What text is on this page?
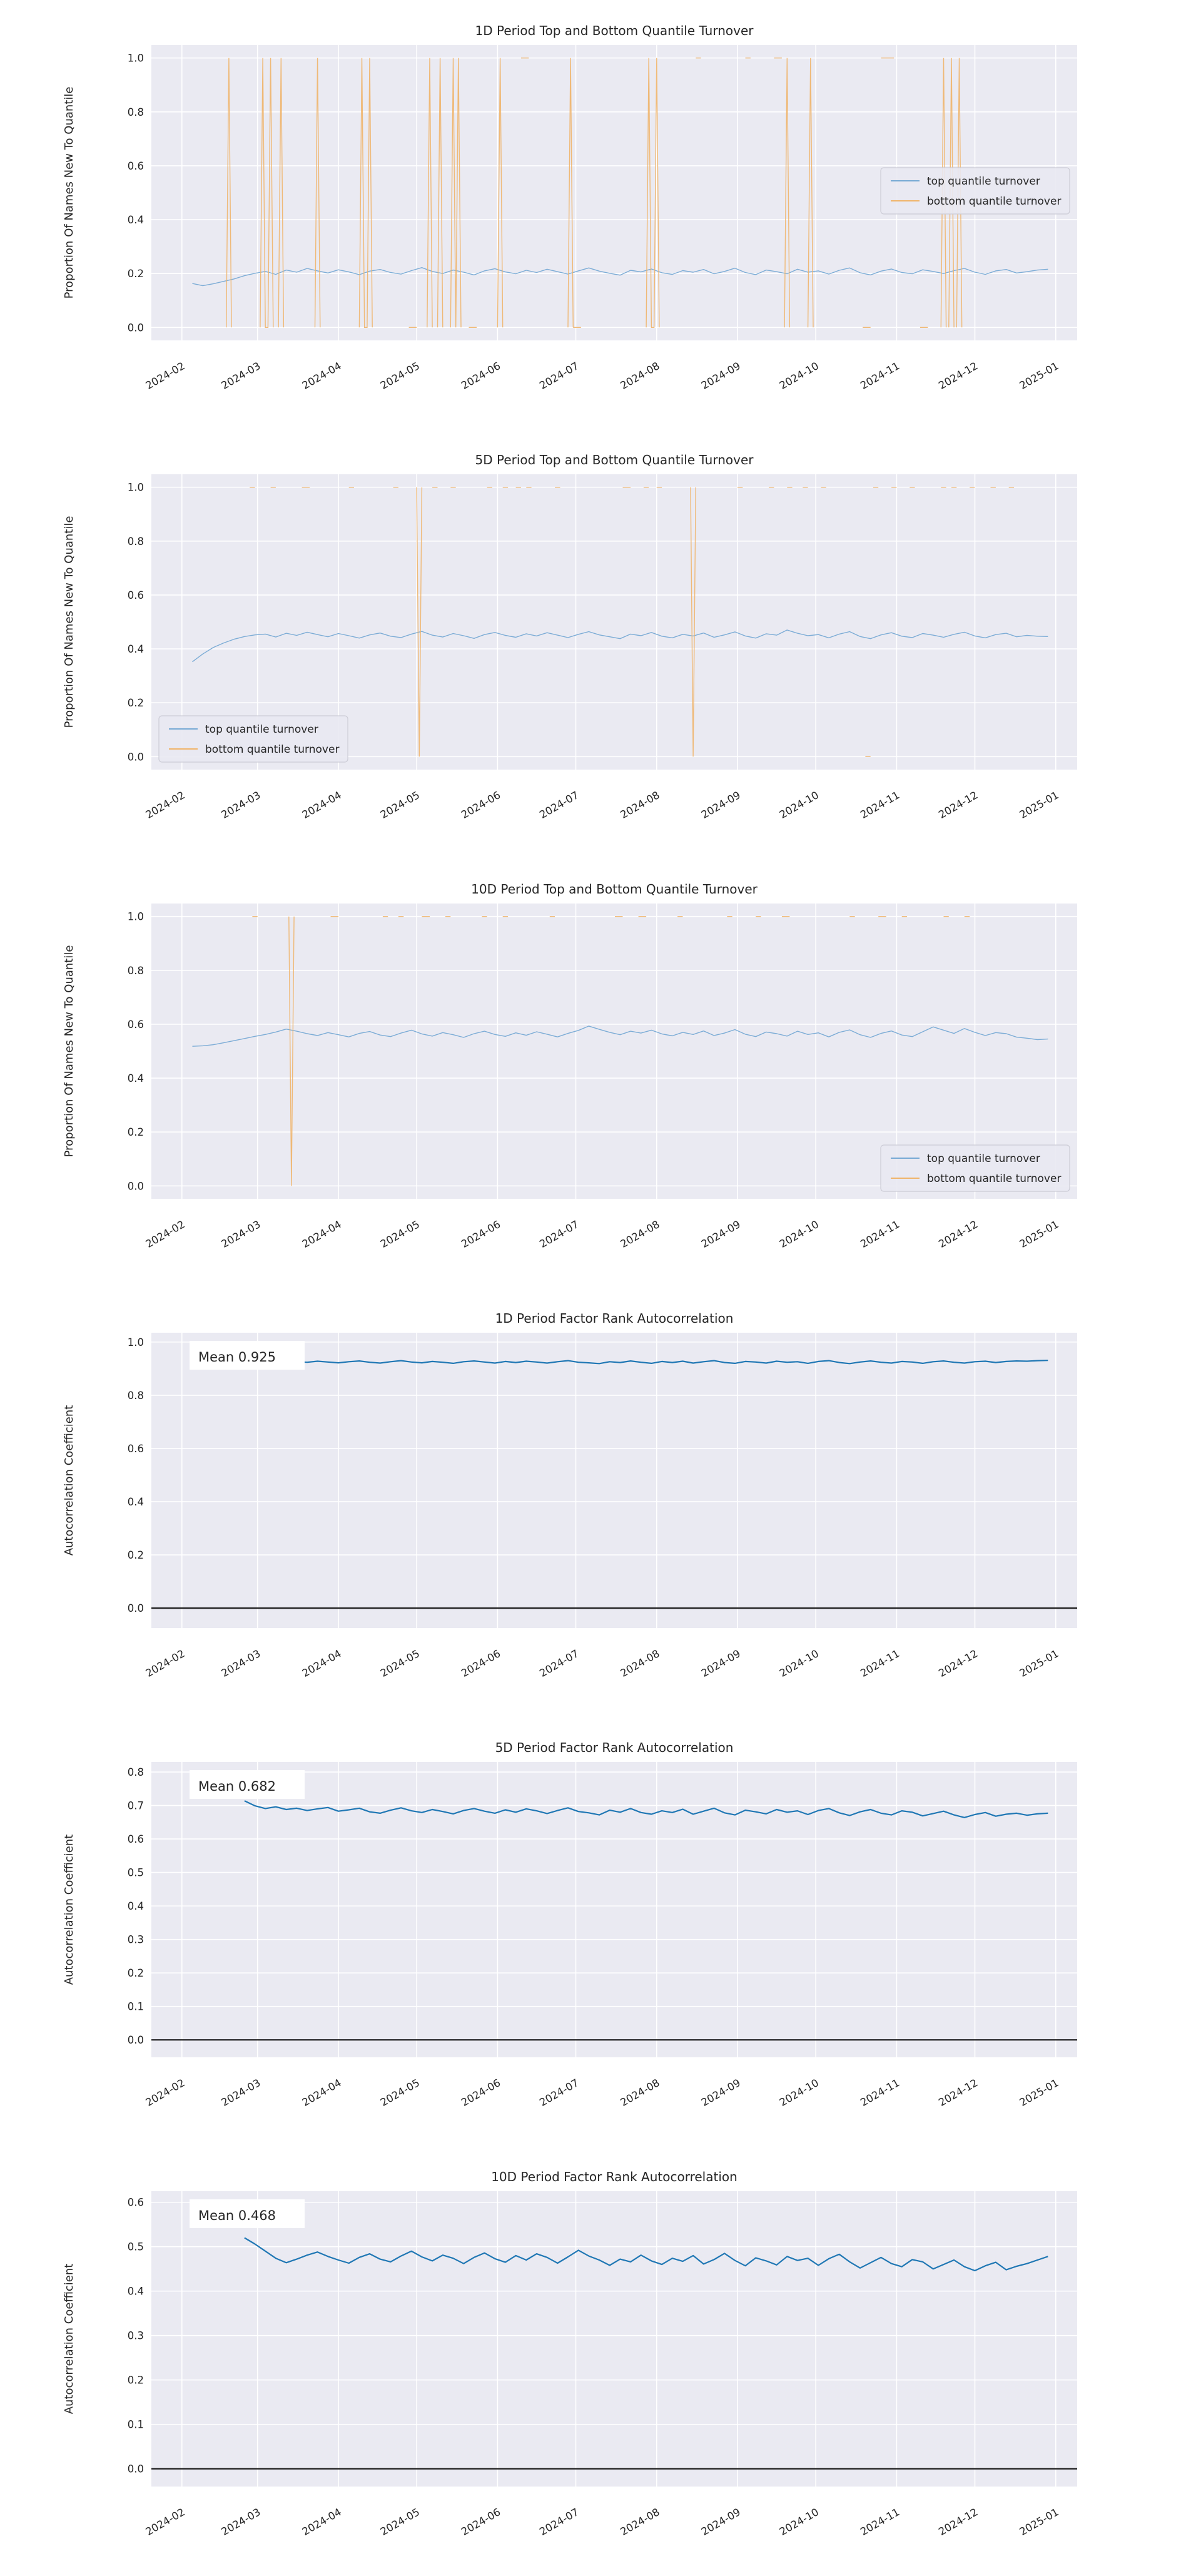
1D Period Top and Bottom Quantile Turnover
Proportion Of Names New To Quantile
0.0
0.2
0.4
0.6
0.8
1.0
2024-02	2024-03	2024-04	2024-05	2024-06	2024-07	2024-08	2024-09	2024-10	2024-11	2024-12	2025-01
top quantile turnover
bottom quantile turnover
5D Period Top and Bottom Quantile Turnover
Proportion Of Names New To Quantile
0.0
0.2
0.4
0.6
0.8
1.0
2024-02	2024-03	2024-04	2024-05	2024-06	2024-07	2024-08	2024-09	2024-10	2024-11	2024-12	2025-01
top quantile turnover
bottom quantile turnover
10D Period Top and Bottom Quantile Turnover
Proportion Of Names New To Quantile
0.0
0.2
0.4
0.6
0.8
1.0
2024-02	2024-03	2024-04	2024-05	2024-06	2024-07	2024-08	2024-09	2024-10	2024-11	2024-12	2025-01
top quantile turnover
bottom quantile turnover
1D Period Factor Rank Autocorrelation
Autocorrelation Coefficient
0.0
0.2
0.4
0.6
0.8
1.0
2024-02	2024-03	2024-04	2024-05	2024-06	2024-07	2024-08	2024-09	2024-10	2024-11	2024-12	2025-01
Mean 0.925
5D Period Factor Rank Autocorrelation
Autocorrelation Coefficient
0.0
0.1
0.2
0.3
0.4
0.5
0.6
0.7
0.8
2024-02	2024-03	2024-04	2024-05	2024-06	2024-07	2024-08	2024-09	2024-10	2024-11	2024-12	2025-01
Mean 0.682
10D Period Factor Rank Autocorrelation
Autocorrelation Coefficient
0.0
0.1
0.2
0.3
0.4
0.5
0.6
2024-02	2024-03	2024-04	2024-05	2024-06	2024-07	2024-08	2024-09	2024-10	2024-11	2024-12	2025-01
Mean 0.468
